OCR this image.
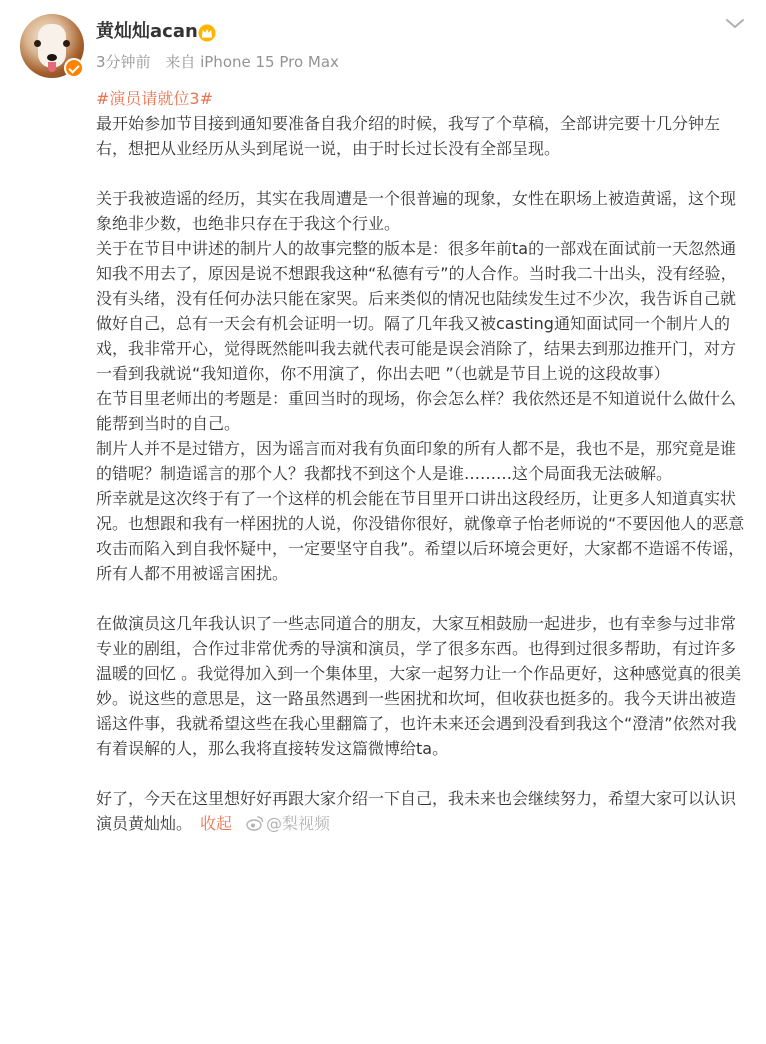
黄灿灿acan
3分钟前 来自 iPhone 15 Pro Max

#演员请就位3#

最开始参加节目接到通知要准备自我介绍的时候，我写了个草稿，全部讲完要十几分钟左右，想把从业经历从头到尾说一说，由于时长过长没有全部呈现。

关于我被造谣的经历，其实在我周遭是一个很普遍的现象，女性在职场上被造黄谣，这个现象绝非少数，也绝非只存在于我这个行业。

关于在节目中讲述的制片人的故事完整的版本是：很多年前ta的一部戏在面试前一天忽然通知我不用去了，原因是说不想跟我这种“私德有亏”的人合作。当时我二十出头，没有经验，没有头绪，没有任何办法只能在家哭。后来类似的情况也陆续发生过不少次，我告诉自己就做好自己，总有一天会有机会证明一切。隔了几年我又被casting通知面试同一个制片人的戏，我非常开心，觉得既然能叫我去就代表可能是误会消除了，结果去到那边推开门，对方一看到我就说“我知道你，你不用演了，你出去吧 ”（也就是节目上说的这段故事）

在节目里老师出的考题是：重回当时的现场，你会怎么样？我依然还是不知道说什么做什么能帮到当时的自己。

制片人并不是过错方，因为谣言而对我有负面印象的所有人都不是，我也不是，那究竟是谁的错呢？制造谣言的那个人？我都找不到这个人是谁………这个局面我无法破解。

所幸就是这次终于有了一个这样的机会能在节目里开口讲出这段经历，让更多人知道真实状况。也想跟和我有一样困扰的人说，你没错你很好，就像章子怡老师说的“不要因他人的恶意攻击而陷入到自我怀疑中，一定要坚守自我”。希望以后环境会更好，大家都不造谣不传谣，所有人都不用被谣言困扰。

在做演员这几年我认识了一些志同道合的朋友，大家互相鼓励一起进步，也有幸参与过非常专业的剧组，合作过非常优秀的导演和演员，学了很多东西。也得到过很多帮助，有过许多温暖的回忆 。我觉得加入到一个集体里，大家一起努力让一个作品更好，这种感觉真的很美妙。说这些的意思是，这一路虽然遇到一些困扰和坎坷，但收获也挺多的。我今天讲出被造谣这件事，我就希望这些在我心里翻篇了，也许未来还会遇到没看到我这个“澄清”依然对我有着误解的人，那么我将直接转发这篇微博给ta。

好了，今天在这里想好好再跟大家介绍一下自己，我未来也会继续努力，希望大家可以认识演员黄灿灿。 收起 @梨视频
